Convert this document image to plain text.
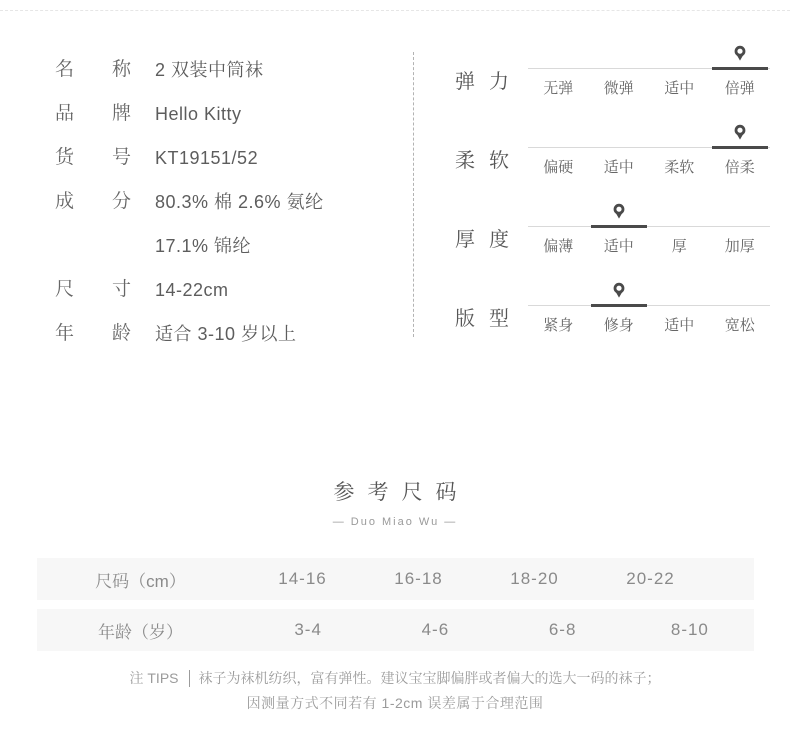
名称 2 双装中筒袜
品牌 Hello Kitty
货号 KT19151/52
成分 80.3% 棉 2.6% 氨纶
17.1% 锦纶
尺寸 14-22cm
年龄 适合 3-10 岁以上
弹力	无弹	微弹	适中	倍弹
柔软	偏硬	适中	柔软	倍柔
厚度	偏薄	适中	厚	加厚
版型	紧身	修身	适中	宽松
参考尺码
— Duo Miao Wu —
尺码（cm）	14-16	16-18	18-20	20-22
年龄（岁）	3-4	4-6	6-8	8-10
注 TIPS 袜子为袜机纺织，富有弹性。建议宝宝脚偏胖或者偏大的选大一码的袜子；
因测量方式不同若有 1-2cm 误差属于合理范围
